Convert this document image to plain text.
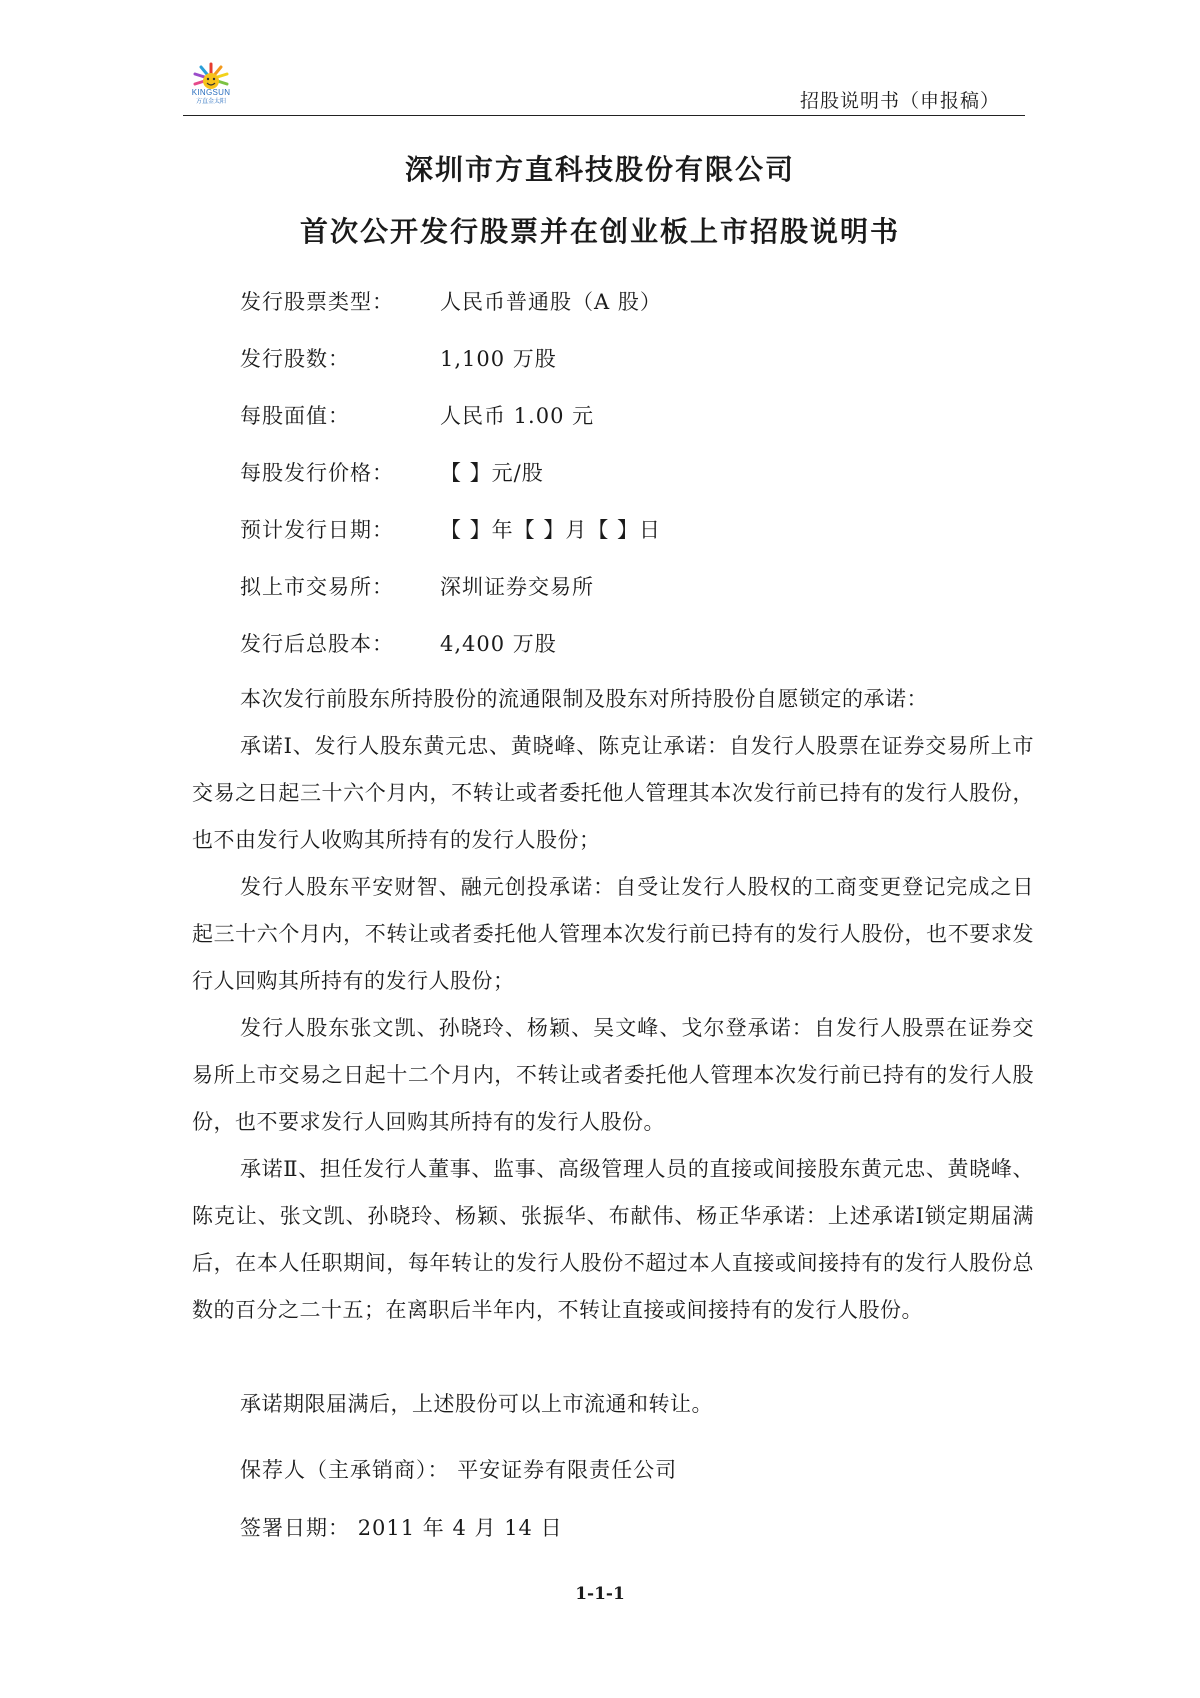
KINGSUN
方直金太阳	招股说明书（申报稿）
深圳市方直科技股份有限公司
首次公开发行股票并在创业板上市招股说明书
发行股票类型： 人民币普通股（A 股）
发行股数：	1,100 万股
每股面值：	人民币 1.00 元
每股发行价格： 【 】元/股
预计发行日期： 【 】年【 】月【 】日
拟上市交易所： 深圳证券交易所
发行后总股本： 4,400 万股

本次发行前股东所持股份的流通限制及股东对所持股份自愿锁定的承诺：

承诺Ⅰ、发行人股东黄元忠、黄晓峰、陈克让承诺：自发行人股票在证券交易所上市交易之日起三十六个月内，不转让或者委托他人管理其本次发行前已持有的发行人股份，也不由发行人收购其所持有的发行人股份；

发行人股东平安财智、融元创投承诺：自受让发行人股权的工商变更登记完成之日起三十六个月内，不转让或者委托他人管理本次发行前已持有的发行人股份，也不要求发行人回购其所持有的发行人股份；

发行人股东张文凯、孙晓玲、杨颖、吴文峰、戈尔登承诺：自发行人股票在证券交易所上市交易之日起十二个月内，不转让或者委托他人管理本次发行前已持有的发行人股份，也不要求发行人回购其所持有的发行人股份。

承诺Ⅱ、担任发行人董事、监事、高级管理人员的直接或间接股东黄元忠、黄晓峰、陈克让、张文凯、孙晓玲、杨颖、张振华、布献伟、杨正华承诺：上述承诺Ⅰ锁定期届满后，在本人任职期间，每年转让的发行人股份不超过本人直接或间接持有的发行人股份总数的百分之二十五；在离职后半年内，不转让直接或间接持有的发行人股份。

承诺期限届满后，上述股份可以上市流通和转让。

保荐人（主承销商）： 平安证券有限责任公司
签署日期： 2011 年 4 月 14 日
1-1-1
